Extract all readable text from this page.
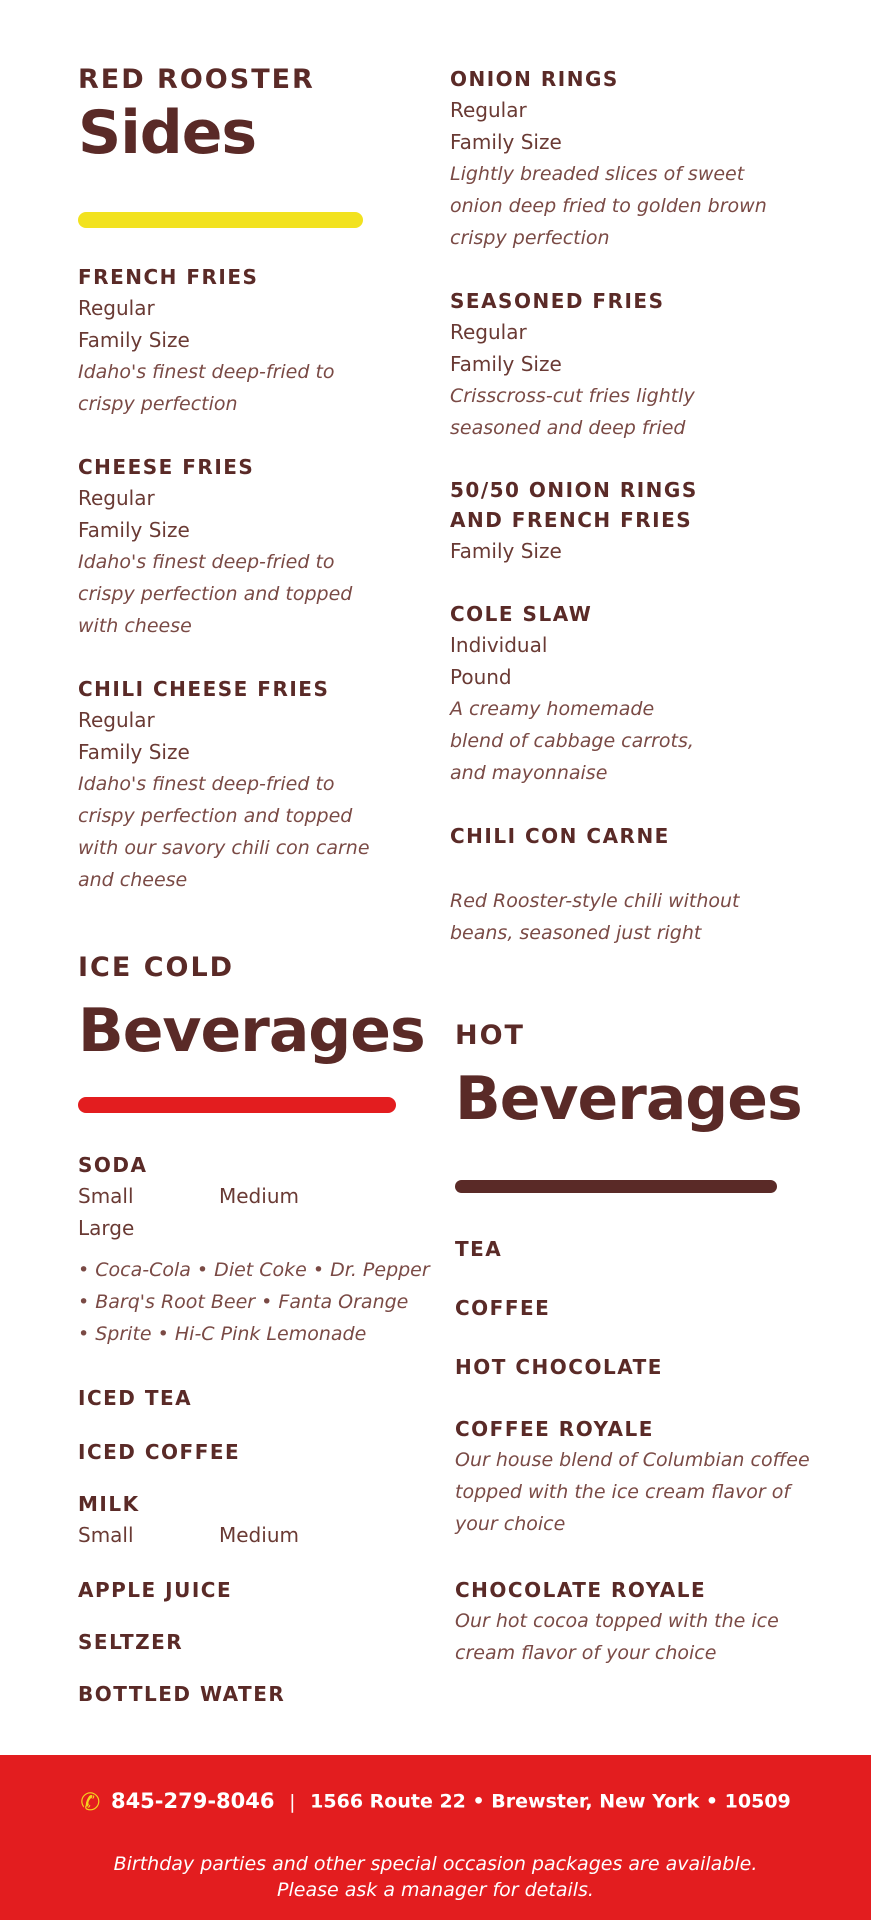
RED ROOSTER
Sides
FRENCH FRIES
Regular
Family Size
Idaho's finest deep-fried to
crispy perfection
CHEESE FRIES
Regular
Family Size
Idaho's finest deep-fried to
crispy perfection and topped
with cheese
CHILI CHEESE FRIES
Regular
Family Size
Idaho's finest deep-fried to
crispy perfection and topped
with our savory chili con carne
and cheese
ONION RINGS
Regular
Family Size
Lightly breaded slices of sweet
onion deep fried to golden brown
crispy perfection
SEASONED FRIES
Regular
Family Size
Crisscross-cut fries lightly
seasoned and deep fried
50/50 ONION RINGS
AND FRENCH FRIES
Family Size
COLE SLAW
Individual
Pound
A creamy homemade
blend of cabbage carrots,
and mayonnaise
CHILI CON CARNE
Red Rooster-style chili without
beans, seasoned just right
ICE COLD
Beverages
SODA
Small	Medium
Large
• Coca-Cola • Diet Coke • Dr. Pepper
• Barq's Root Beer • Fanta Orange
• Sprite • Hi-C Pink Lemonade
ICED TEA
ICED COFFEE
MILK
Small	Medium
APPLE JUICE
SELTZER
BOTTLED WATER
HOT
Beverages
TEA
COFFEE
HOT CHOCOLATE
COFFEE ROYALE
Our house blend of Columbian coffee
topped with the ice cream flavor of
your choice
CHOCOLATE ROYALE
Our hot cocoa topped with the ice
cream flavor of your choice
✆ 845-279-8046 | 1566 Route 22 • Brewster, New York • 10509
Birthday parties and other special occasion packages are available.
Please ask a manager for details.
